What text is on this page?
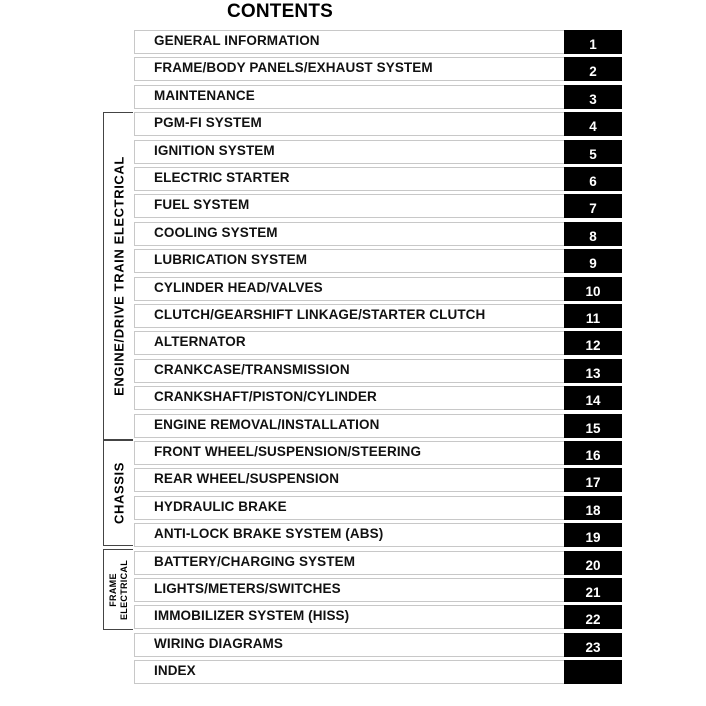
CONTENTS
ENGINE/DRIVE TRAIN ELECTRICAL
CHASSIS
FRAME ELECTRICAL
GENERAL INFORMATION	1
FRAME/BODY PANELS/EXHAUST SYSTEM	2
MAINTENANCE	3
PGM-FI SYSTEM	4
IGNITION SYSTEM	5
ELECTRIC STARTER	6
FUEL SYSTEM	7
COOLING SYSTEM	8
LUBRICATION SYSTEM	9
CYLINDER HEAD/VALVES	10
CLUTCH/GEARSHIFT LINKAGE/STARTER CLUTCH	11
ALTERNATOR	12
CRANKCASE/TRANSMISSION	13
CRANKSHAFT/PISTON/CYLINDER	14
ENGINE REMOVAL/INSTALLATION	15
FRONT WHEEL/SUSPENSION/STEERING	16
REAR WHEEL/SUSPENSION	17
HYDRAULIC BRAKE	18
ANTI-LOCK BRAKE SYSTEM (ABS)	19
BATTERY/CHARGING SYSTEM	20
LIGHTS/METERS/SWITCHES	21
IMMOBILIZER SYSTEM (HISS)	22
WIRING DIAGRAMS	23
INDEX
